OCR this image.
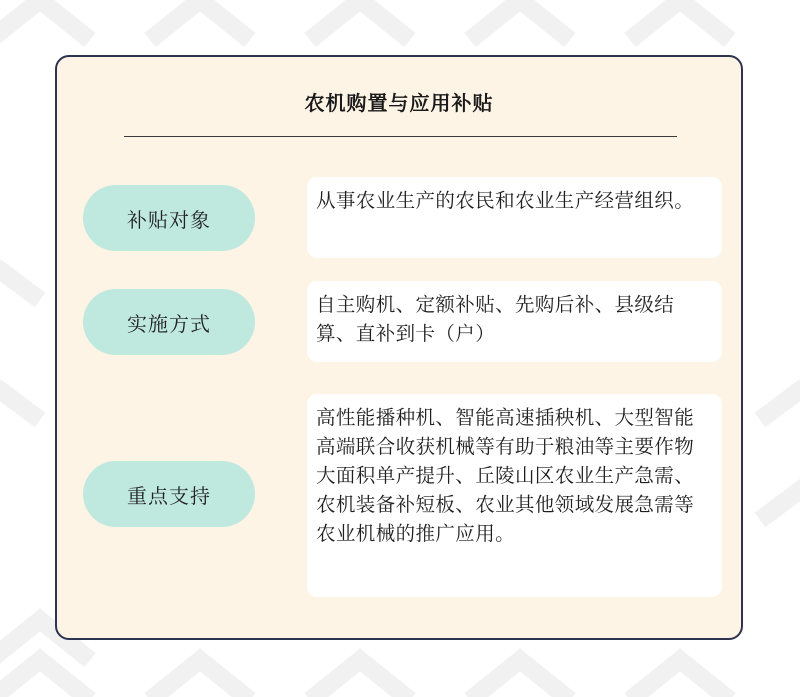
农机购置与应用补贴
补贴对象
从事农业生产的农民和农业生产经营组织。
实施方式
自主购机、定额补贴、先购后补、县级结算、直补到卡（户）
重点支持
高性能播种机、智能高速插秧机、大型智能高端联合收获机械等有助于粮油等主要作物大面积单产提升、丘陵山区农业生产急需、农机装备补短板、农业其他领域发展急需等农业机械的推广应用。
